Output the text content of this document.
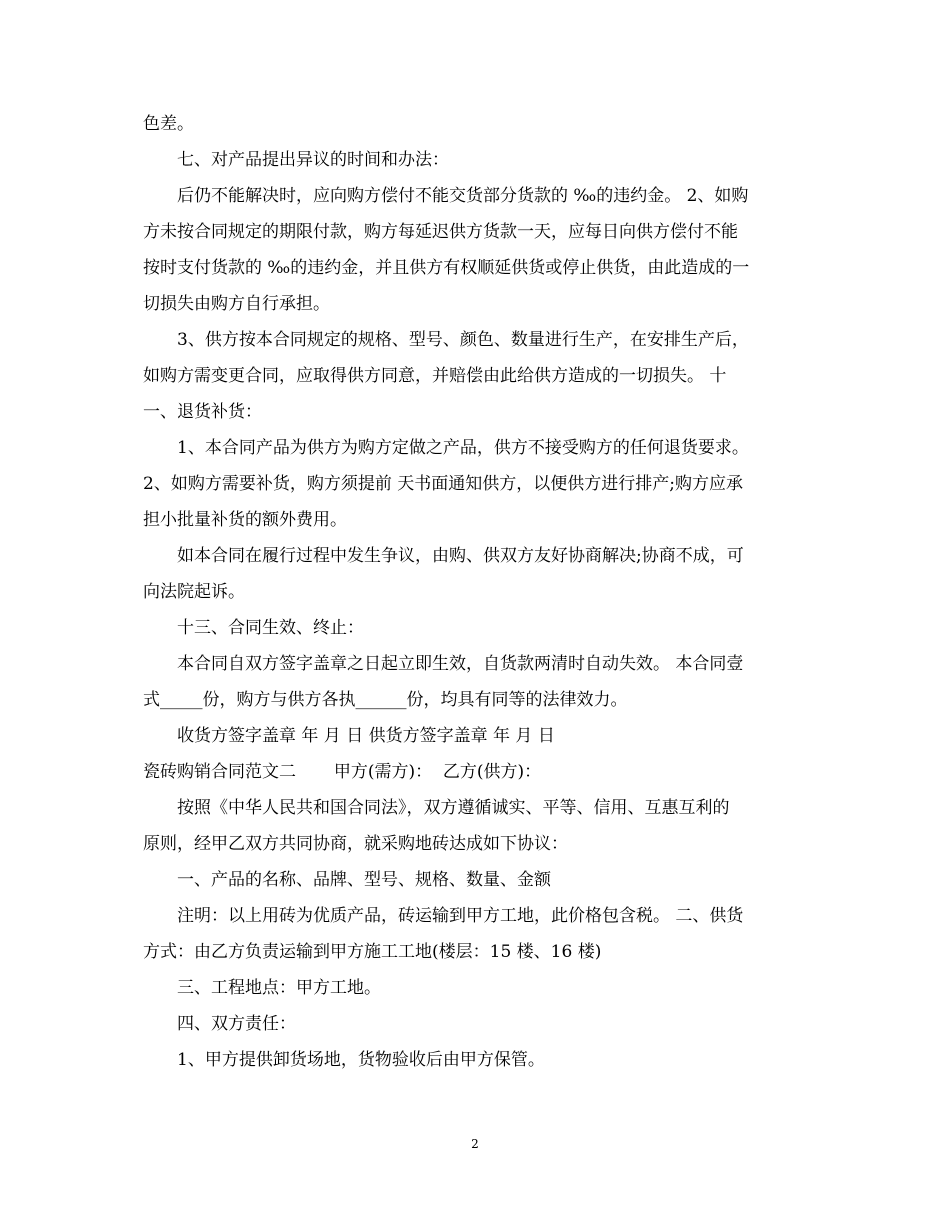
色差。
七、对产品提出异议的时间和办法：
后仍不能解决时，应向购方偿付不能交货部分货款的 ‰的违约金。 2、如购
方未按合同规定的期限付款，购方每延迟供方货款一天，应每日向供方偿付不能
按时支付货款的 ‰的违约金，并且供方有权顺延供货或停止供货，由此造成的一
切损失由购方自行承担。
3、供方按本合同规定的规格、型号、颜色、数量进行生产，在安排生产后，
如购方需变更合同，应取得供方同意，并赔偿由此给供方造成的一切损失。 十
一、退货补货：
1、本合同产品为供方为购方定做之产品，供方不接受购方的任何退货要求。
2、如购方需要补货，购方须提前 天书面通知供方，以便供方进行排产;购方应承
担小批量补货的额外费用。
如本合同在履行过程中发生争议，由购、供双方友好协商解决;协商不成，可
向法院起诉。
十三、合同生效、终止：
本合同自双方签字盖章之日起立即生效，自货款两清时自动失效。 本合同壹
式_____份，购方与供方各执______份，均具有同等的法律效力。
收货方签字盖章 年 月 日 供货方签字盖章 年 月 日
瓷砖购销合同范文二       甲方(需方)：  乙方(供方)：
按照《中华人民共和国合同法》，双方遵循诚实、平等、信用、互惠互利的
原则，经甲乙双方共同协商，就采购地砖达成如下协议：
一、产品的名称、品牌、型号、规格、数量、金额
注明：以上用砖为优质产品，砖运输到甲方工地，此价格包含税。 二、供货
方式：由乙方负责运输到甲方施工工地(楼层：15 楼、16 楼)
三、工程地点：甲方工地。
四、双方责任：
1、甲方提供卸货场地，货物验收后由甲方保管。
2
